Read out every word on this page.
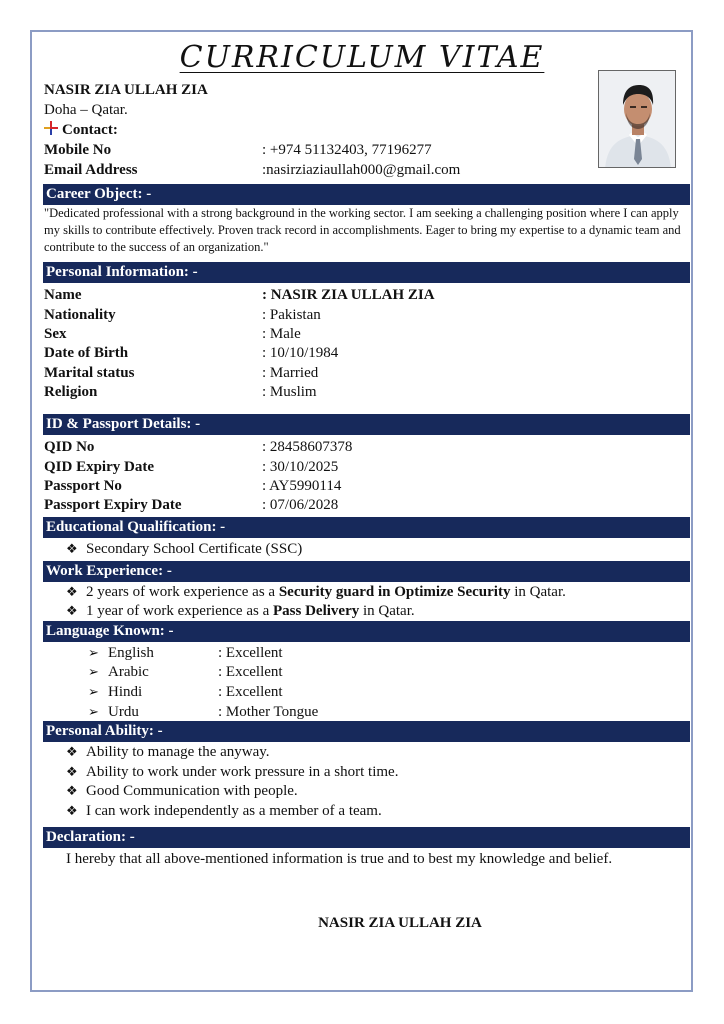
CURRICULUM VITAE
NASIR ZIA ULLAH ZIA
Doha – Qatar.
Contact:
Mobile No	: +974 51132403, 77196277
Email Address	:nasirziaziaullah000@gmail.com
Career Object: -
"Dedicated professional with a strong background in the working sector. I am seeking a challenging position where I can apply my skills to contribute effectively. Proven track record in accomplishments. Eager to bring my expertise to a dynamic team and contribute to the success of an organization."
Personal Information: -
Name	: NASIR ZIA ULLAH ZIA
Nationality	: Pakistan
Sex	: Male
Date of Birth	: 10/10/1984
Marital status	: Married
Religion	: Muslim
ID & Passport Details: -
QID No	: 28458607378
QID Expiry Date	: 30/10/2025
Passport No	: AY5990114
Passport Expiry Date	: 07/06/2028
Educational Qualification: -
❖ Secondary School Certificate (SSC)
Work Experience: -
❖ 2 years of work experience as a Security guard in Optimize Security in Qatar.
❖ 1 year of work experience as a Pass Delivery in Qatar.
Language Known: -
➢ English	: Excellent
➢ Arabic	: Excellent
➢ Hindi	: Excellent
➢ Urdu	: Mother Tongue
Personal Ability: -
❖ Ability to manage the anyway.
❖ Ability to work under work pressure in a short time.
❖ Good Communication with people.
❖ I can work independently as a member of a team.
Declaration: -
I hereby that all above-mentioned information is true and to best my knowledge and belief.
NASIR ZIA ULLAH ZIA
